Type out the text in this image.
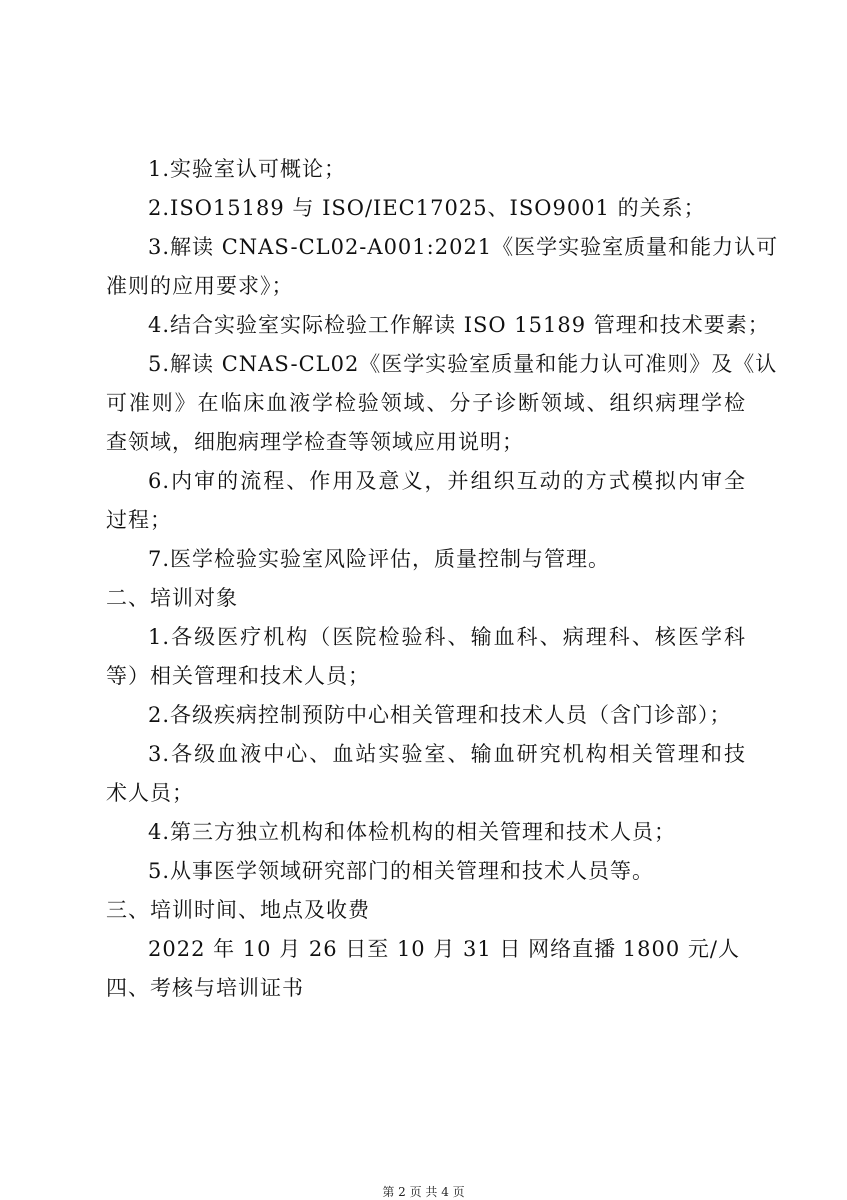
1.实验室认可概论；
2.ISO15189 与 ISO/IEC17025、ISO9001 的关系；
3.解读 CNAS-CL02-A001:2021《医学实验室质量和能力认可
准则的应用要求》；
4.结合实验室实际检验工作解读 ISO 15189 管理和技术要素；
5.解读 CNAS-CL02《医学实验室质量和能力认可准则》及《认
可准则》在临床血液学检验领域、分子诊断领域、组织病理学检
查领域，细胞病理学检查等领域应用说明；
6.内审的流程、作用及意义，并组织互动的方式模拟内审全
过程；
7.医学检验实验室风险评估，质量控制与管理。
二、培训对象
1.各级医疗机构（医院检验科、输血科、病理科、核医学科
等）相关管理和技术人员；
2.各级疾病控制预防中心相关管理和技术人员（含门诊部）；
3.各级血液中心、血站实验室、输血研究机构相关管理和技
术人员；
4.第三方独立机构和体检机构的相关管理和技术人员；
5.从事医学领域研究部门的相关管理和技术人员等。
三、培训时间、地点及收费
2022 年 10 月 26 日至 10 月 31 日 网络直播 1800 元/人
四、考核与培训证书
第 2 页 共 4 页
